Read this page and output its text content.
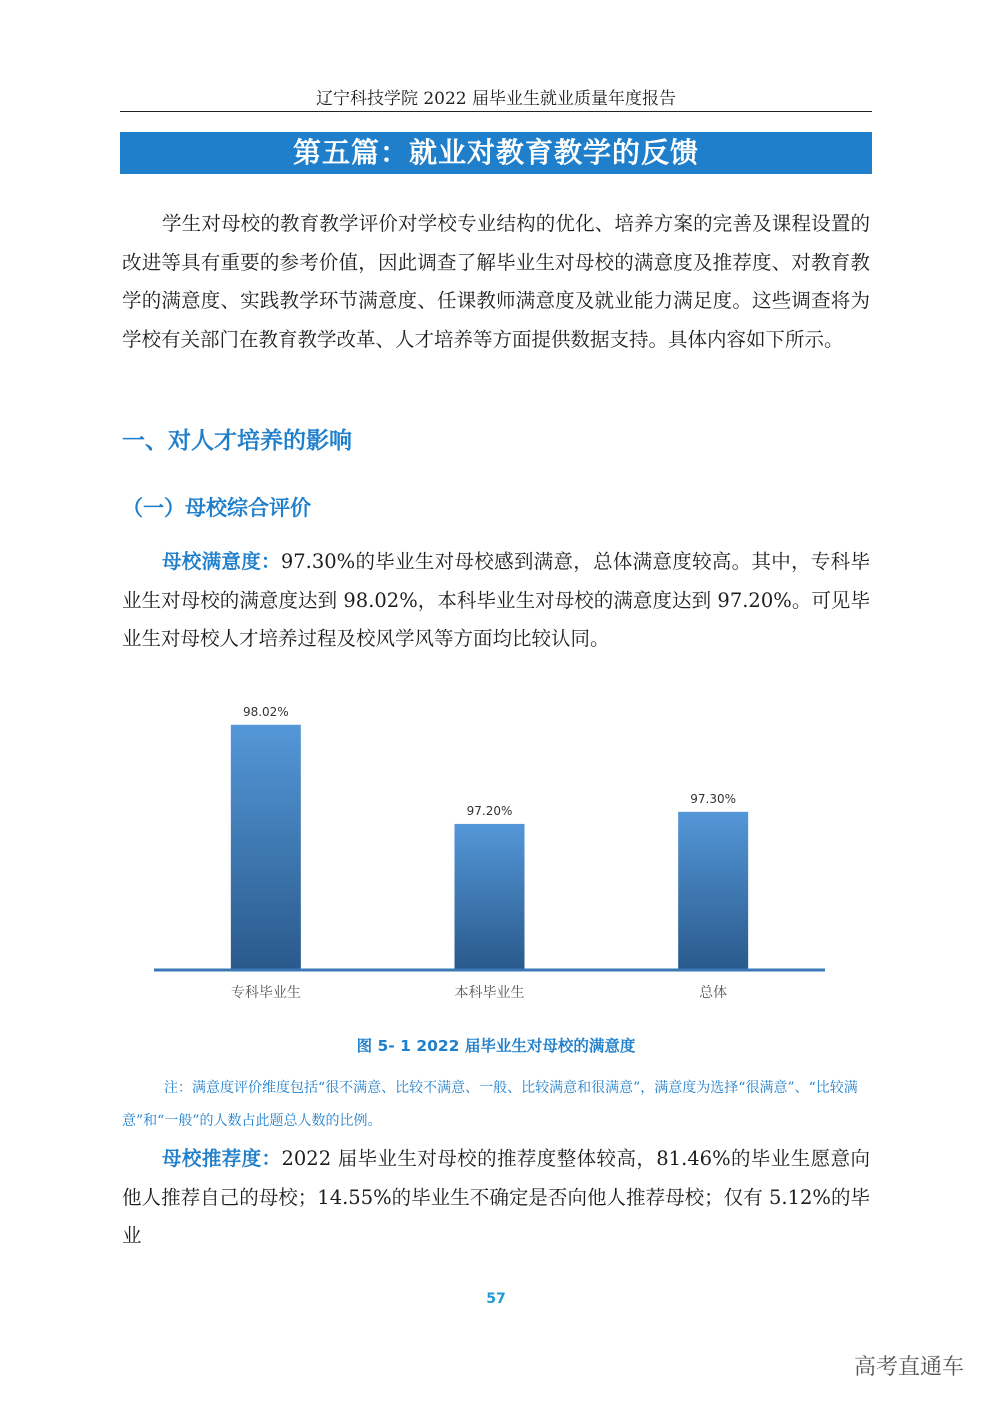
辽宁科技学院 2022 届毕业生就业质量年度报告
第五篇：就业对教育教学的反馈

学生对母校的教育教学评价对学校专业结构的优化、培养方案的完善及课程设置的改进等具有重要的参考价值，因此调查了解毕业生对母校的满意度及推荐度、对教育教学的满意度、实践教学环节满意度、任课教师满意度及就业能力满足度。这些调查将为学校有关部门在教育教学改革、人才培养等方面提供数据支持。具体内容如下所示。

一、对人才培养的影响
（一）母校综合评价

母校满意度：97.30%的毕业生对母校感到满意，总体满意度较高。其中，专科毕业生对母校的满意度达到 98.02%，本科毕业生对母校的满意度达到 97.20%。可见毕业生对母校人才培养过程及校风学风等方面均比较认同。

98.02%
专科毕业生
97.20%
本科毕业生
97.30%
总体
图 5- 1 2022 届毕业生对母校的满意度

注：满意度评价维度包括“很不满意、比较不满意、一般、比较满意和很满意”，满意度为选择“很满意”、“比较满意”和“一般”的人数占此题总人数的比例。

母校推荐度：2022 届毕业生对母校的推荐度整体较高，81.46%的毕业生愿意向他人推荐自己的母校；14.55%的毕业生不确定是否向他人推荐母校；仅有 5.12%的毕业

57
高考直通车
